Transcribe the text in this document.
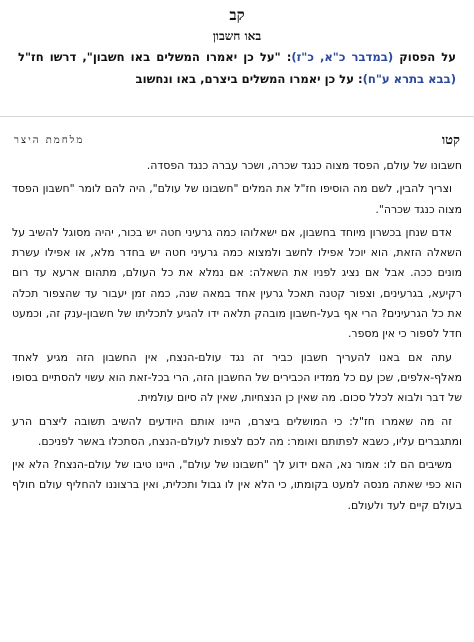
קב
באו חשבון
על הפסוק (במדבר כ"א, כ"ז): "על כן יאמרו המשלים באו חשבון", דרשו חז"ל (בבא בתרא ע"ח): על כן יאמרו המשלים ביצרם, באו ונחשוב
קטו
מלחמת היצר

חשבונו של עולם, הפסד מצוה כנגד שכרה, ושכר עברה כנגד הפסדה.

וצריך להבין, לשם מה הוסיפו חז"ל את המלים "חשבונו של עולם", היה להם לומר "חשבון הפסד מצוה כנגד שכרה".

אדם שנחן בכשרון מיוחד בחשבון, אם ישאלוהו כמה גרעיני חטה יש בכור, יהיה מסוגל להשיב על השאלה הזאת, הוא יוכל אפילו לחשב ולמצוא כמה גרעיני חטה יש בחדר מלא, או אפילו עשרת מונים ככה. אבל אם נציג לפניו את השאלה: אם נמלא את כל העולם, מתהום ארעא עד רום רקיעא, בגרעינים, וצפור קטנה תאכל גרעין אחד במאה שנה, כמה זמן יעבור עד שהצפור תכלה את כל הגרעינים? הרי אף בעל-חשבון מובהק תלאה ידו להגיע לתכליתו של חשבון-ענק זה, וכמעט חדל לספור כי אין מספר.

עתה אם באנו להעריך חשבון כביר זה נגד עולם-הנצח, אין החשבון הזה מגיע לאחד מאלף-אלפים, שכן עם כל ממדיו הכבירים של החשבון הזה, הרי בכל-זאת הוא עשוי להסתיים בסופו של דבר ולבוא לכלל סכום. מה שאין כן הנצחיות, שאין לה סיום עולמית.

זה מה שאמרו חז"ל: כי המושלים ביצרם, היינו אותם היודעים להשיב תשובה ליצרם הרע ומתגברים עליו, כשבא לפתותם ואומר: מה לכם לצפות לעולם-הנצח, הסתכלו באשר לפניכם.

משיבים הם לו: אמור נא, האם ידוע לך "חשבונו של עולם", היינו טיבו של עולם-הנצח? הלא אין הוא כפי שאתה מנסה למעט בקומתו, כי הלא אין לו גבול ותכלית, ואין ברצוננו להחליף עולם חולף בעולם קיים לעד ולעולם.
